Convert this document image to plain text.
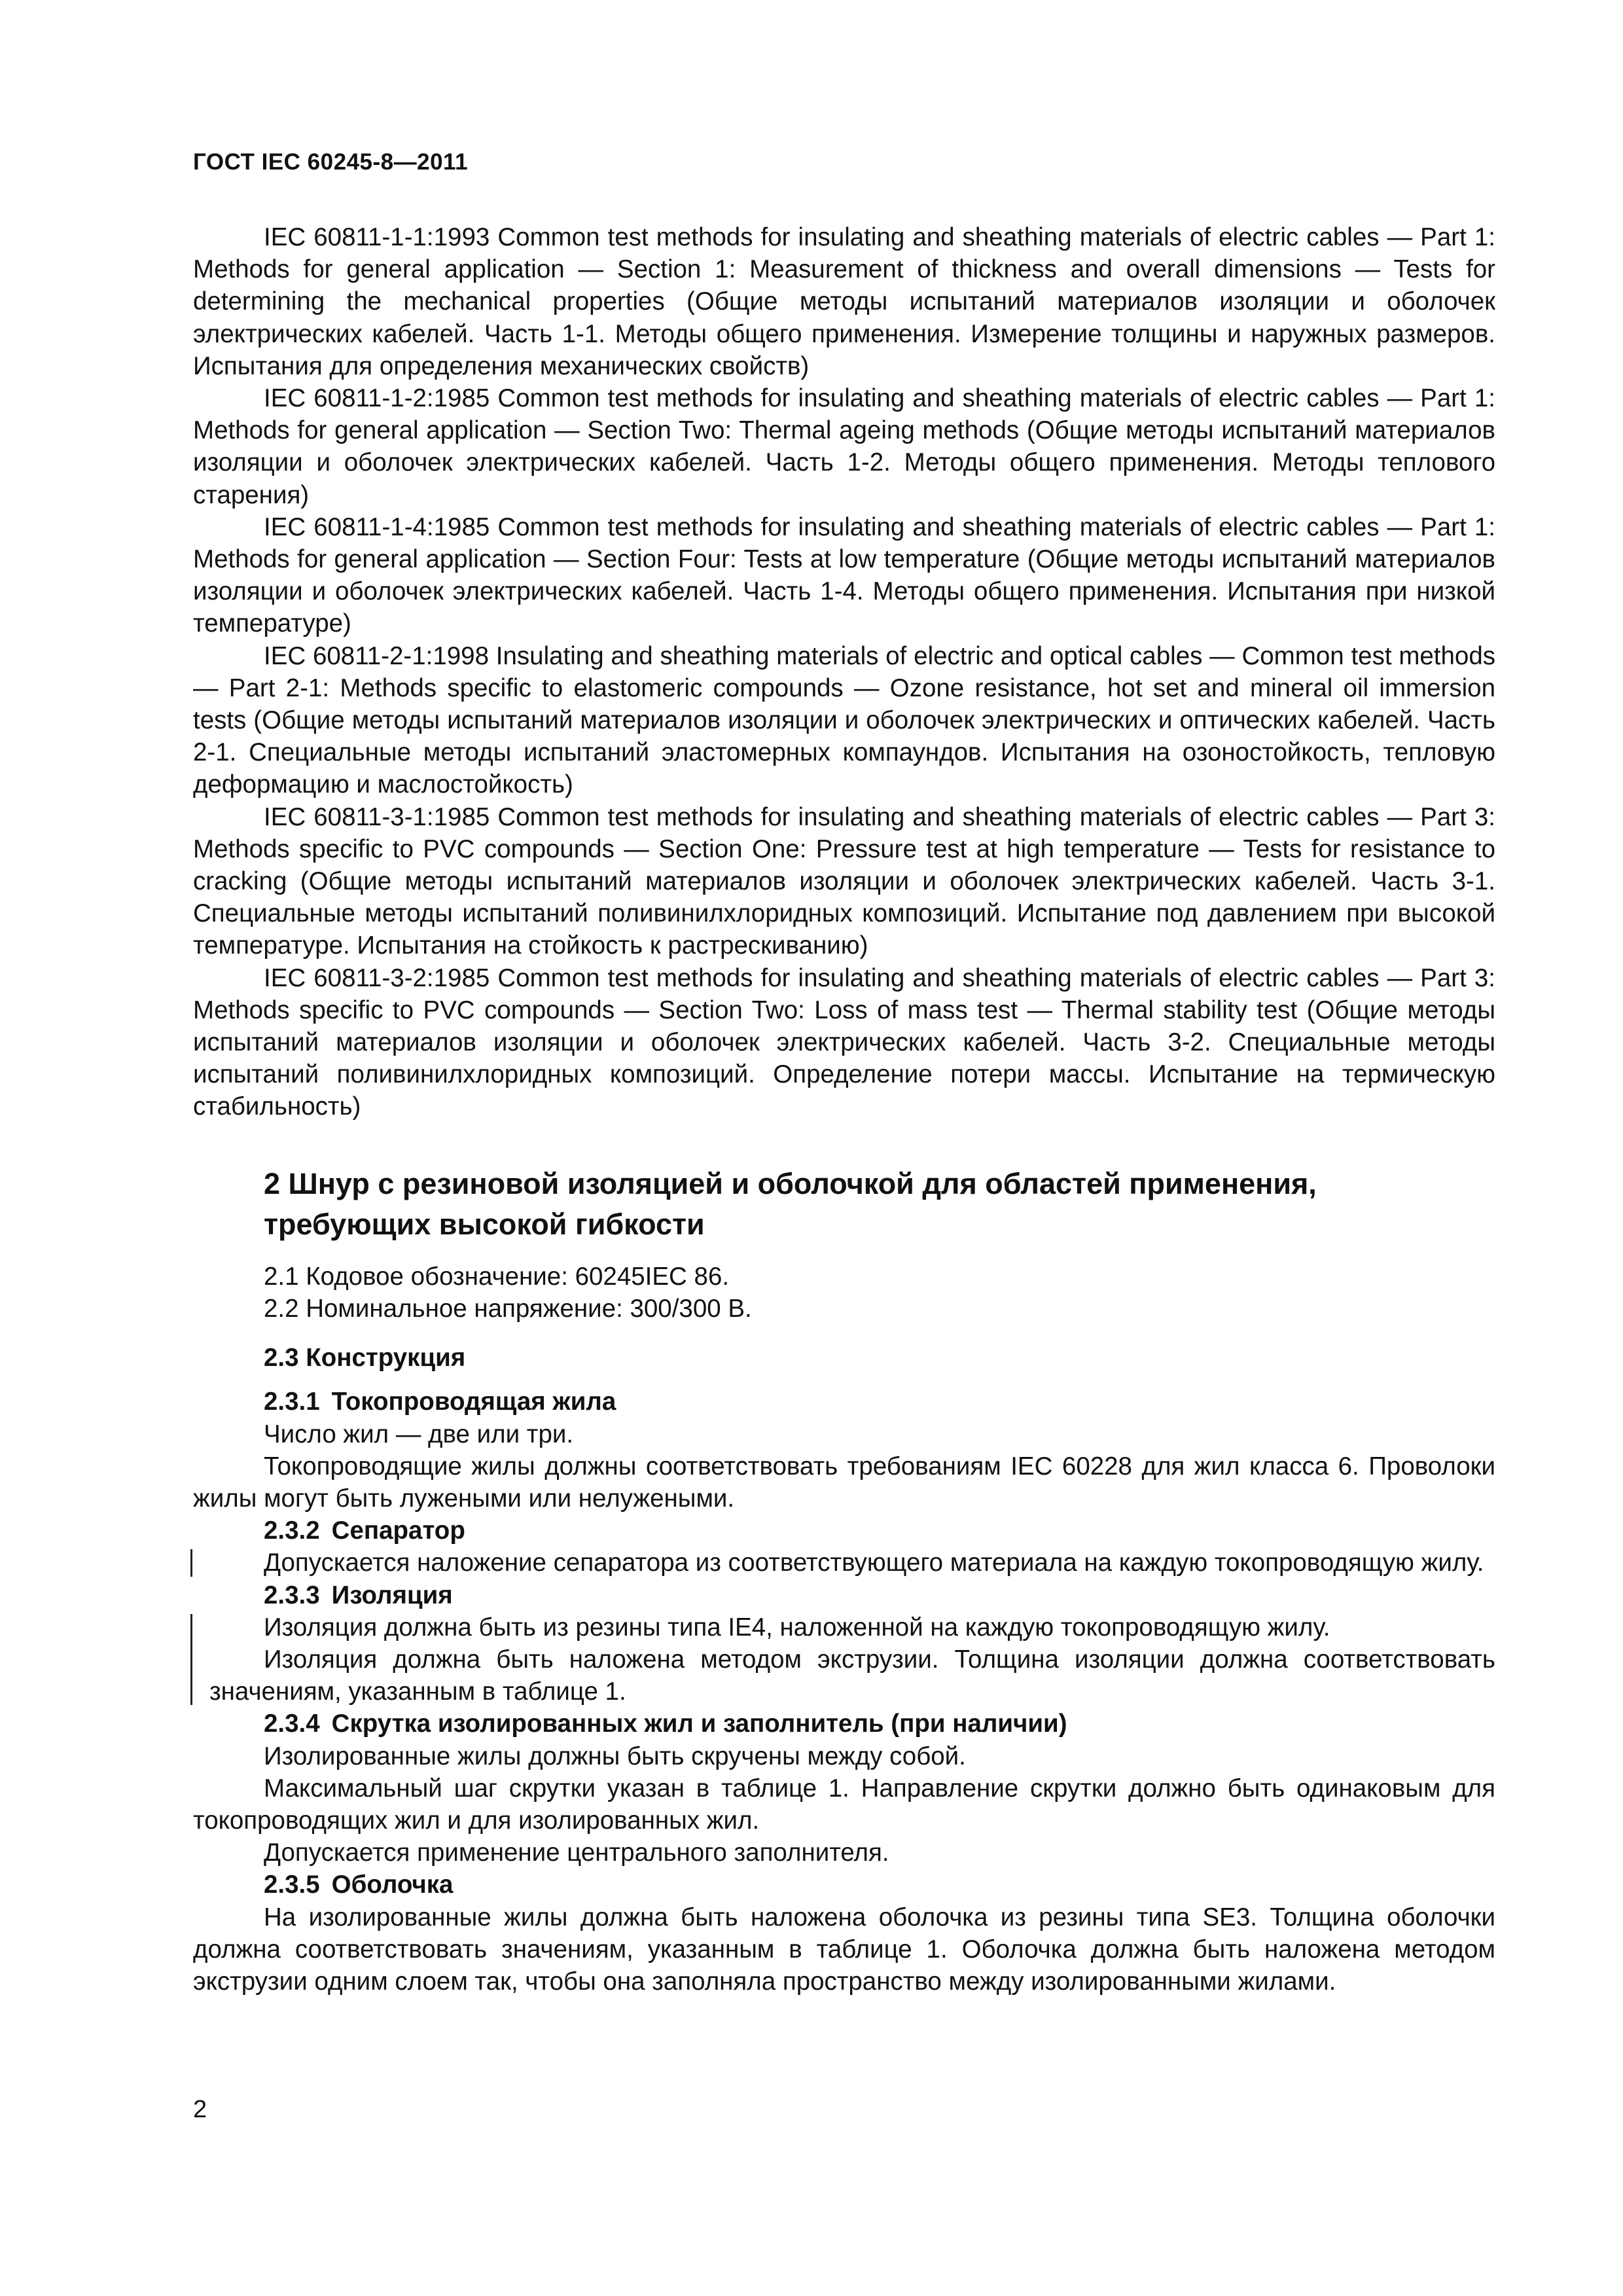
ГОСТ IEC 60245-8—2011

IEC 60811-1-1:1993 Common test methods for insulating and sheathing materials of electric cables — Part 1: Methods for general application — Section 1: Measurement of thickness and overall dimensions — Tests for determining the mechanical properties (Общие методы испытаний материалов изоляции и оболочек электрических кабелей. Часть 1-1. Методы общего применения. Измерение толщины и наружных размеров. Испытания для определения механических свойств)

IEC 60811-1-2:1985 Common test methods for insulating and sheathing materials of electric cables — Part 1: Methods for general application — Section Two: Thermal ageing methods (Общие методы испытаний материалов изоляции и оболочек электрических кабелей. Часть 1-2. Методы общего применения. Методы теплового старения)

IEC 60811-1-4:1985 Common test methods for insulating and sheathing materials of electric cables — Part 1: Methods for general application — Section Four: Tests at low temperature (Общие методы испытаний материалов изоляции и оболочек электрических кабелей. Часть 1-4. Методы общего применения. Испытания при низкой температуре)

IEC 60811-2-1:1998 Insulating and sheathing materials of electric and optical cables — Common test methods — Part 2-1: Methods specific to elastomeric compounds — Ozone resistance, hot set and mineral oil immersion tests (Общие методы испытаний материалов изоляции и оболочек электрических и оптических кабелей. Часть 2-1. Специальные методы испытаний эластомерных компаундов. Испытания на озоностойкость, тепловую деформацию и маслостойкость)

IEC 60811-3-1:1985 Common test methods for insulating and sheathing materials of electric cables — Part 3: Methods specific to PVC compounds — Section One: Pressure test at high temperature — Tests for resistance to cracking (Общие методы испытаний материалов изоляции и оболочек электрических кабелей. Часть 3-1. Специальные методы испытаний поливинилхлоридных композиций. Испытание под давлением при высокой температуре. Испытания на стойкость к растрескиванию)

IEC 60811-3-2:1985 Common test methods for insulating and sheathing materials of electric cables — Part 3: Methods specific to PVC compounds — Section Two: Loss of mass test — Thermal stability test (Общие методы испытаний материалов изоляции и оболочек электрических кабелей. Часть 3-2. Специальные методы испытаний поливинилхлоридных композиций. Определение потери массы. Испытание на термическую стабильность)

2 Шнур с резиновой изоляцией и оболочкой для областей применения,
требующих высокой гибкости

2.1 Кодовое обозначение: 60245IEC 86.

2.2 Номинальное напряжение: 300/300 В.

2.3 Конструкция

2.3.1 Токопроводящая жила

Число жил — две или три.

Токопроводящие жилы должны соответствовать требованиям IEC 60228 для жил класса 6. Проволоки жилы могут быть лужеными или нелужеными.

2.3.2 Сепаратор

Допускается наложение сепаратора из соответствующего материала на каждую токопроводящую жилу.

2.3.3 Изоляция

Изоляция должна быть из резины типа IE4, наложенной на каждую токопроводящую жилу.

Изоляция должна быть наложена методом экструзии. Толщина изоляции должна соответствовать значениям, указанным в таблице 1.

2.3.4 Скрутка изолированных жил и заполнитель (при наличии)

Изолированные жилы должны быть скручены между собой.

Максимальный шаг скрутки указан в таблице 1. Направление скрутки должно быть одинаковым для токопроводящих жил и для изолированных жил.

Допускается применение центрального заполнителя.

2.3.5 Оболочка

На изолированные жилы должна быть наложена оболочка из резины типа SE3. Толщина оболочки должна соответствовать значениям, указанным в таблице 1. Оболочка должна быть наложена методом экструзии одним слоем так, чтобы она заполняла пространство между изолированными жилами.

2
